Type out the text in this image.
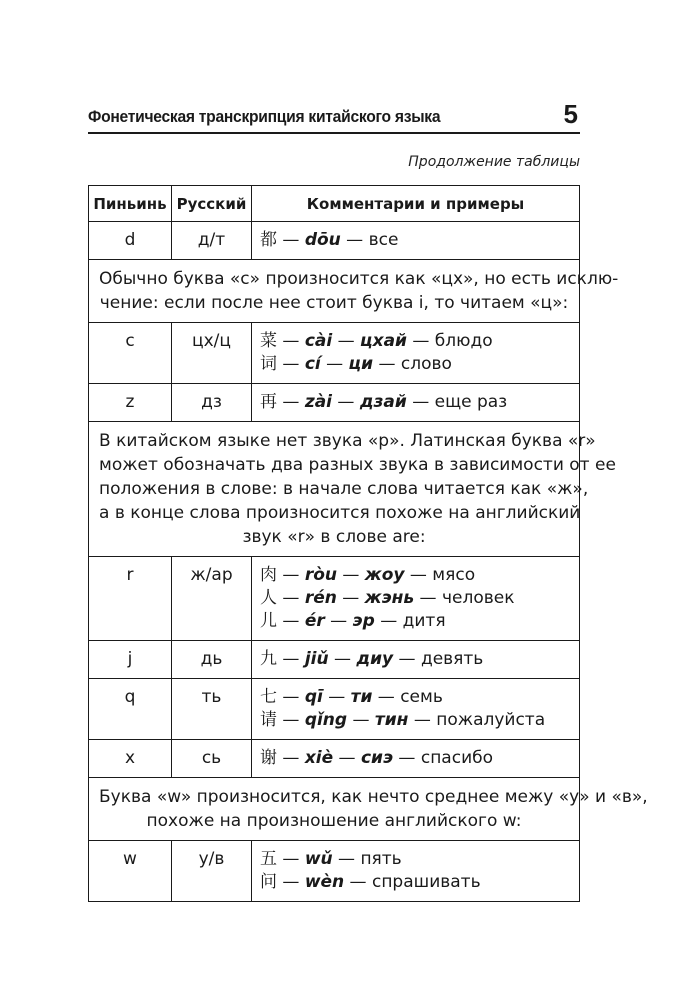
Фонетическая транскрипция китайского языка	5
Продолжение таблицы
Пиньинь	Русский	Комментарии и примеры
d	д/т	都 — dōu — все

Обычно буква «с» произносится как «цх», но есть исклю-
чение: если после нее стоит буква i, то читаем «ц»:		

c	цх/ц	菜 — cài — цхай — блюдо
词 — cí — ци — слово

z	дз	再 — zài — дзай — еще раз

В китайском языке нет звука «р». Латинская буква «r»
может обозначать два разных звука в зависимости от ее
положения в слове: в начале слова читается как «ж»,
а в конце слова произносится похоже на английский
звук «r» в слове are:		

r	ж/ар	肉 — ròu — жоу — мясо
人 — rén — жэнь — человек
儿 — ér — эр — дитя

j	дь	九 — jiǔ — диу — девять

q	ть	七 — qī — ти — семь
请 — qǐng — тин — пожалуйста

x	сь	谢 — xiè — сиэ — спасибо

Буква «w» произносится, как нечто среднее межу «у» и «в»,
похоже на произношение английского w:		

w	у/в	五 — wǔ — пять
问 — wèn — спрашивать
